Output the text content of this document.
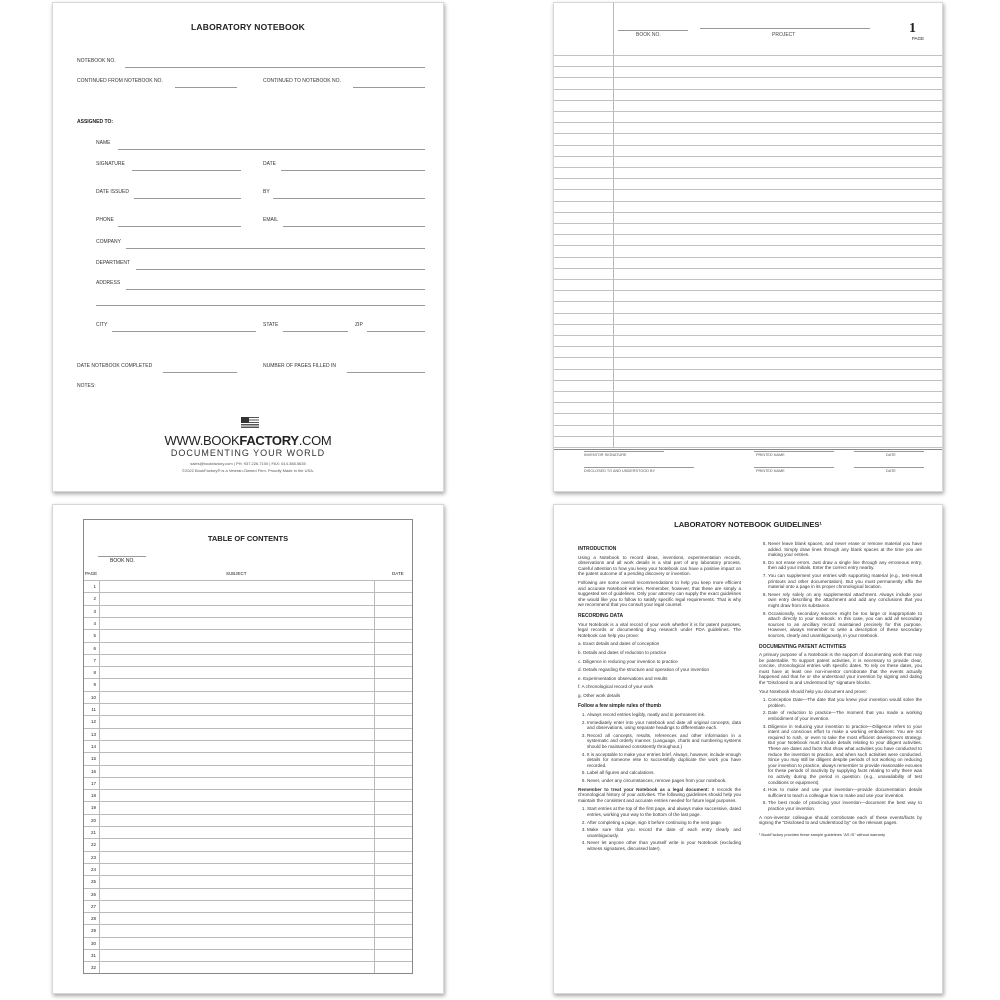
LABORATORY NOTEBOOK
NOTEBOOK NO.
CONTINUED FROM NOTEBOOK NO.	CONTINUED TO NOTEBOOK NO.
ASSIGNED TO:
NAME
SIGNATURE	DATE
DATE ISSUED	BY
PHONE	EMAIL
COMPANY
DEPARTMENT
ADDRESS
CITY	STATE	ZIP
DATE NOTEBOOK COMPLETED	NUMBER OF PAGES FILLED IN
NOTES:
WWW.BOOKFACTORY.COM
DOCUMENTING YOUR WORLD
sales@bookfactory.com | PH: 937.226.7100 | FAX: 614.388.5635
©2022 BookFactory® is a Veteran-Owned Firm. Proudly Made in the USA.
BOOK NO.	PROJECT	1
PAGE
INVENTOR SIGNATURE	PRINTED NAME	DATE
DISCLOSED TO AND UNDERSTOOD BY	PRINTED NAME	DATE
TABLE OF CONTENTS
BOOK NO.
PAGE	SUBJECT	DATE
1
2
3
4
5
6
7
8
9
10
11
12
13
14
15
16
17
18
19
20
21
22
23
24
25
26
27
28
29
30
31
32
LABORATORY NOTEBOOK GUIDELINES¹
INTRODUCTION

Using a Notebook to record ideas, inventions, experimentation records, observations and all work details is a vital part of any laboratory process. Careful attention to how you keep your Notebook can have a positive impact on the patent outcome of a pending discovery or invention.

Following are some overall recommendations to help you keep more efficient and accurate Notebook entries. Remember, however, that these are simply a suggested set of guidelines. Only your attorney can supply the exact guidelines she would like you to follow to satisfy specific legal requirements. That is why we recommend that you consult your legal counsel.

RECORDING DATA

Your Notebook is a vital record of your work whether it is for patent purposes, legal records or documenting drug research under FDA guidelines. The Notebook can help you prove:

a. Exact details and dates of conception

b. Details and dates of reduction to practice

c. Diligence in reducing your invention to practice

d. Details regarding the structure and operation of your invention

e. Experimentation observations and results

f. A chronological record of your work

g. Other work details

Follow a few simple rules of thumb
1. Always record entries legibly, neatly and in permanent ink.
2. Immediately enter into your notebook and date all original concepts, data and observations, using separate headings to differentiate each.
3. Record all concepts, results, references and other information in a systematic and orderly manner. (Language, charts and numbering systems should be maintained consistently throughout.)
4. It is acceptable to make your entries brief. Always, however, include enough details for someone else to successfully duplicate the work you have recorded.
5. Label all figures and calculations.
6. Never, under any circumstances, remove pages from your notebook.

Remember to treat your Notebook as a legal document: It records the chronological history of your activities. The following guidelines should help you maintain the consistent and accurate entries needed for future legal purposes.

1. Start entries at the top of the first page, and always make successive, dated entries, working your way to the bottom of the last page.
2. After completing a page, sign it before continuing to the next page.
3. Make sure that you record the date of each entry clearly and unambiguously.
4. Never let anyone other than yourself write in your Notebook (excluding witness signatures, discussed later).
5. Never leave blank spaces, and never erase or remove material you have added. Simply draw lines through any blank spaces at the time you are making your entries.
6. Do not erase errors. Just draw a single line through any erroneous entry, then add your initials. Enter the correct entry nearby.
7. You can supplement your entries with supporting material (e.g., test-result printouts and other documentation). But you must permanently affix the material onto a page in its proper chronological location.
8. Never rely solely on any supplemental attachment. Always include your own entry describing the attachment and add any conclusions that you might draw from its substance.
9. Occasionally, secondary sources might be too large or inappropriate to attach directly to your notebook. In this case, you can add all secondary sources to an ancillary record maintained precisely for this purpose. However, always remember to write a description of these secondary sources, clearly and unambiguously, in your notebook.
DOCUMENTING PATENT ACTIVITIES

A primary purpose of a Notebook is the support of documenting work that may be patentable. To support patent activities, it is necessary to provide clear, concise, chronological entries with specific dates. To rely on these dates, you must have at least one non-inventor corroborate that the events actually happened and that he or she understood your invention by signing and dating the "Disclosed to and Understood by" signature blocks.

Your Notebook should help you document and prove:

1. Conception Date—The date that you knew your invention would solve the problem.
2. Date of reduction to practice—The moment that you made a working embodiment of your invention.
3. Diligence in reducing your invention to practice—Diligence refers to your intent and conscious effort to make a working embodiment. You are not required to rush, or even to take the most efficient development strategy. But your Notebook must include details relating to your diligent activities. These are dates and facts that show what activities you have conducted to reduce the invention to practice, and when such activities were conducted. Since you may still be diligent despite periods of not working on reducing your invention to practice, always remember to provide reasonable excuses for these periods of inactivity by supplying facts relating to why there was no activity during the period in question. (e.g., unavailability of test conditions or equipment).
4. How to make and use your invention—provide documentation details sufficient to teach a colleague how to make and use your invention.
5. The best mode of practicing your invention—document the best way to practice your invention.

A non-inventor colleague should corroborate each of these events/facts by signing the "Disclosed to and Understood by" on the relevant pages.

¹ BookFactory provides these sample guidelines "AS IS" without warranty
